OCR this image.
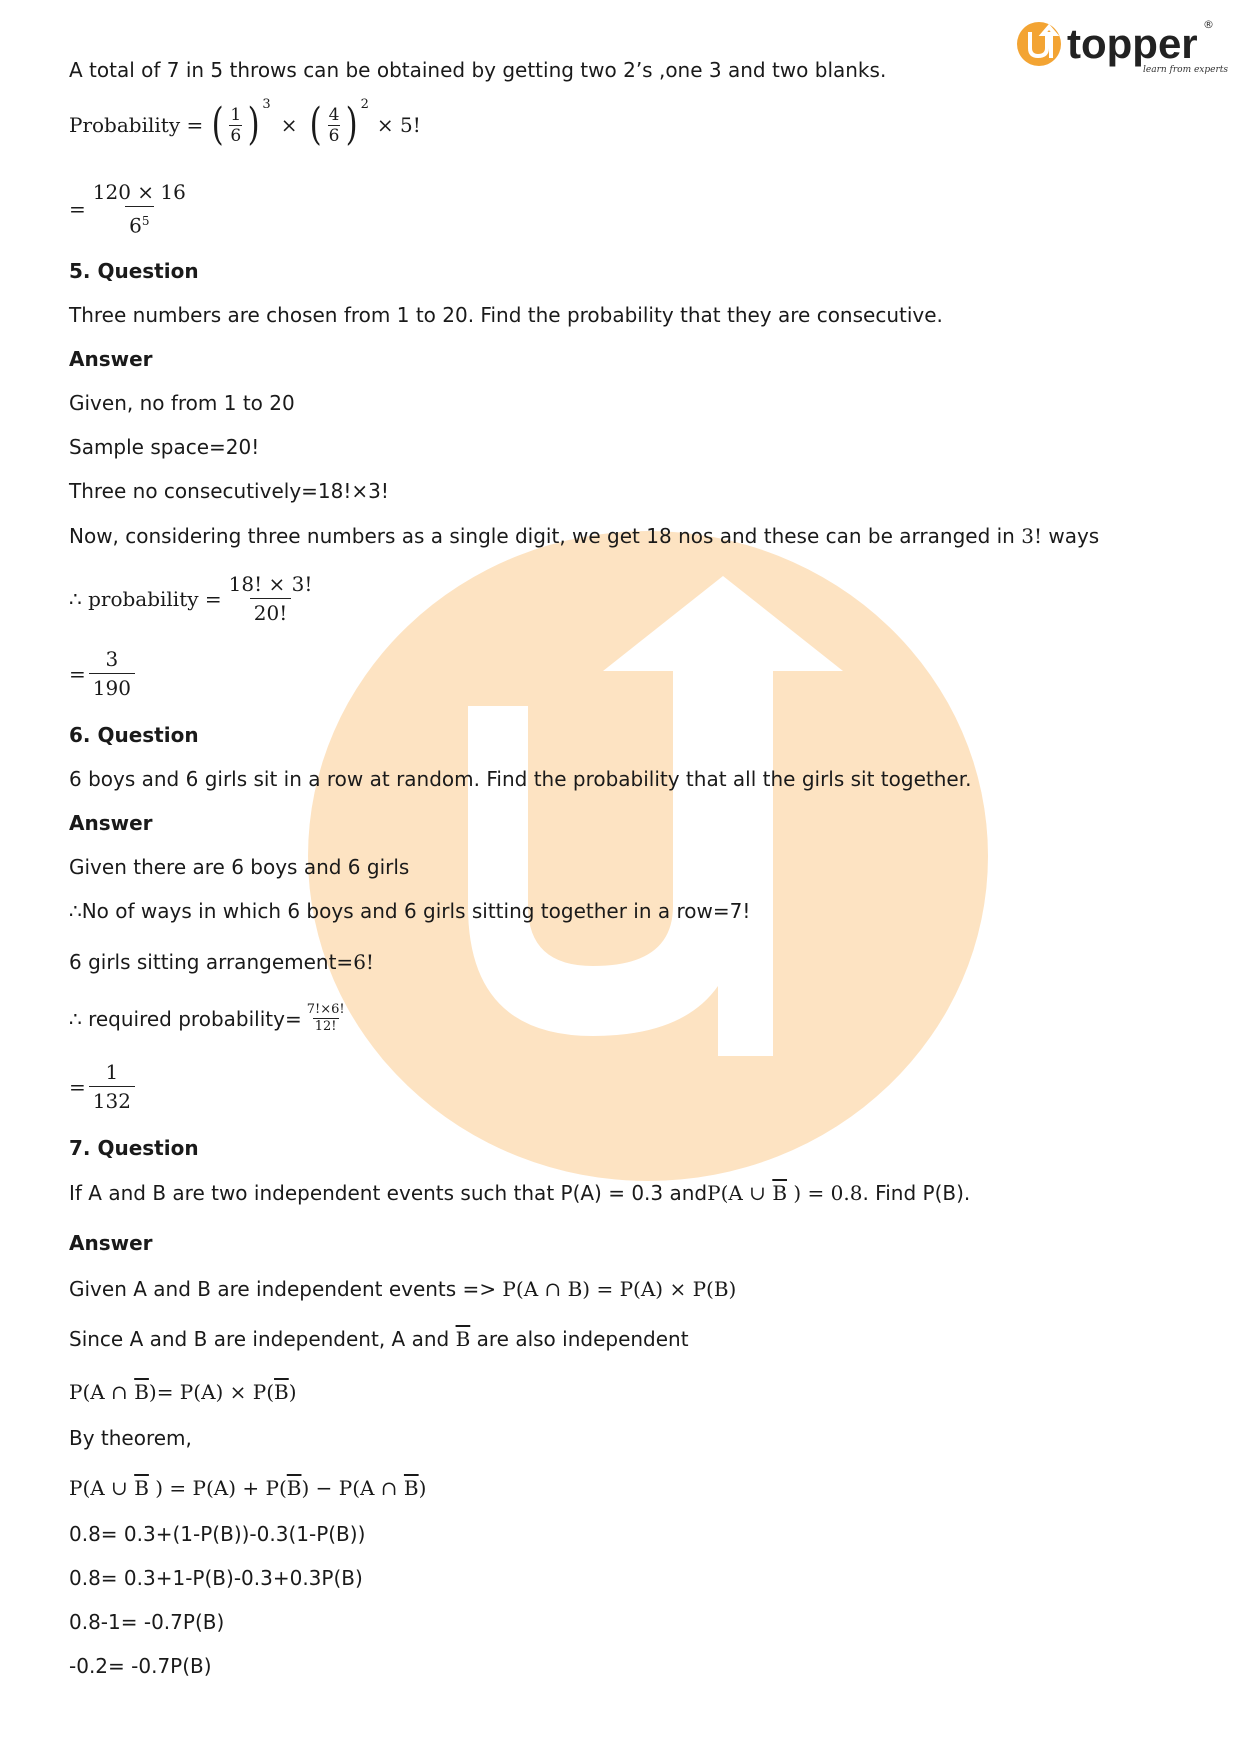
topper
learn from experts
®
A total of 7 in 5 throws can be obtained by getting two 2’s ,one 3 and two blanks.
Probability = ( $\frac{1}{6} )^3$
× ( $\frac{4}{6} )^2$
× 5!
= $\frac{120 \times 16}{6^5}$
5. Question
Three numbers are chosen from 1 to 20. Find the probability that they are consecutive.
Answer
Given, no from 1 to 20
Sample space=20!
Three no consecutively=18!×3!
Now, considering three numbers as a single digit, we get 18 nos and these can be arranged in 3! ways
∴ probability = $\frac{18! \times 3!}{20!}$
= $\frac{3}{190}$
6. Question
6 boys and 6 girls sit in a row at random. Find the probability that all the girls sit together.
Answer
Given there are 6 boys and 6 girls
∴No of ways in which 6 boys and 6 girls sitting together in a row=7!
6 girls sitting arrangement=6!
∴ required probability= $\frac{7!\times 6!}{12!}$
= $\frac{1}{132}$
7. Question
If A and B are two independent events such that P(A) = 0.3 andP(A ∪ $\overline{B}$ ) = 0.8. Find P(B).
Answer
Given A and B are independent events => P(A ∩ B) = P(A) × P(B)
Since A and B are independent, A and $\overline{B}$ are also independent
P(A ∩ $\overline{B})= P(A) \times P(\overline{B})$
By theorem,
P(A ∪ $\overline{B}$ ) = $P(A) + P(\overline{B}) - P(A$ ∩ $\overline{B}$)
0.8= 0.3+(1-P(B))-0.3(1-P(B))
0.8= 0.3+1-P(B)-0.3+0.3P(B)
0.8-1= -0.7P(B)
-0.2= -0.7P(B)
